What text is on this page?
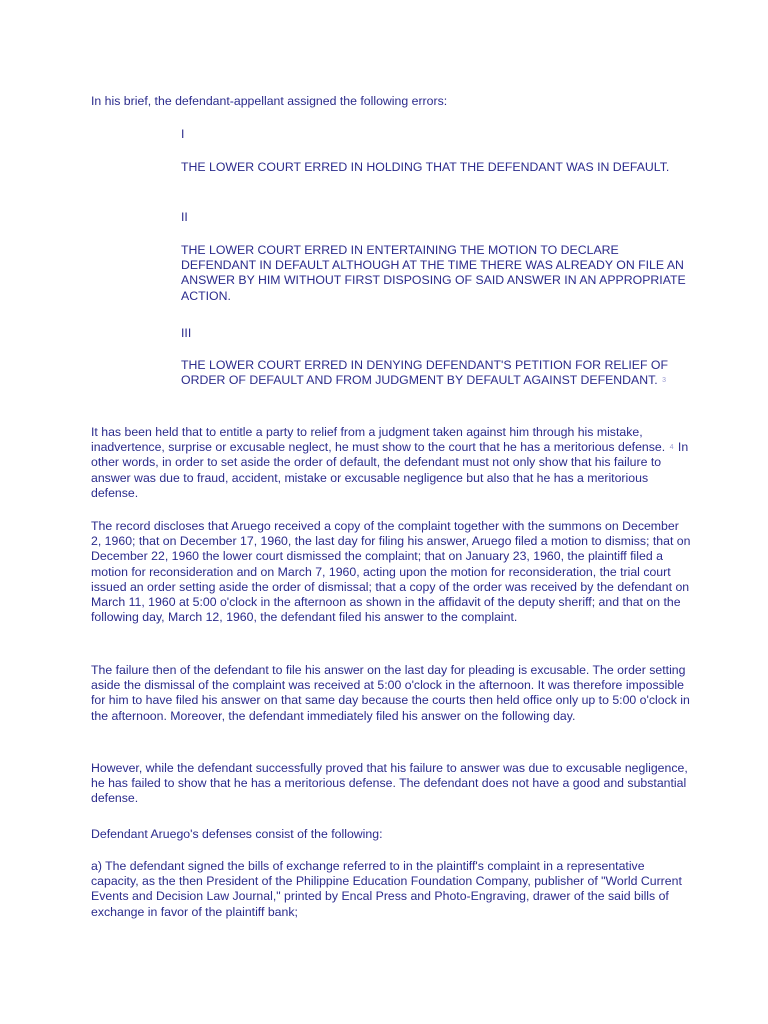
In his brief, the defendant-appellant assigned the following errors:

I

THE LOWER COURT ERRED IN HOLDING THAT THE DEFENDANT WAS IN DEFAULT.

II

THE LOWER COURT ERRED IN ENTERTAINING THE MOTION TO DECLARE DEFENDANT IN DEFAULT ALTHOUGH AT THE TIME THERE WAS ALREADY ON FILE AN ANSWER BY HIM WITHOUT FIRST DISPOSING OF SAID ANSWER IN AN APPROPRIATE ACTION.

III

THE LOWER COURT ERRED IN DENYING DEFENDANT'S PETITION FOR RELIEF OF ORDER OF DEFAULT AND FROM JUDGMENT BY DEFAULT AGAINST DEFENDANT. 3

It has been held that to entitle a party to relief from a judgment taken against him through his mistake, inadvertence, surprise or excusable neglect, he must show to the court that he has a meritorious defense. 4 In other words, in order to set aside the order of default, the defendant must not only show that his failure to answer was due to fraud, accident, mistake or excusable negligence but also that he has a meritorious defense.

The record discloses that Aruego received a copy of the complaint together with the summons on December 2, 1960; that on December 17, 1960, the last day for filing his answer, Aruego filed a motion to dismiss; that on December 22, 1960 the lower court dismissed the complaint; that on January 23, 1960, the plaintiff filed a motion for reconsideration and on March 7, 1960, acting upon the motion for reconsideration, the trial court issued an order setting aside the order of dismissal; that a copy of the order was received by the defendant on March 11, 1960 at 5:00 o'clock in the afternoon as shown in the affidavit of the deputy sheriff; and that on the following day, March 12, 1960, the defendant filed his answer to the complaint.

The failure then of the defendant to file his answer on the last day for pleading is excusable. The order setting aside the dismissal of the complaint was received at 5:00 o'clock in the afternoon. It was therefore impossible for him to have filed his answer on that same day because the courts then held office only up to 5:00 o'clock in the afternoon. Moreover, the defendant immediately filed his answer on the following day.

However, while the defendant successfully proved that his failure to answer was due to excusable negligence, he has failed to show that he has a meritorious defense. The defendant does not have a good and substantial defense.

Defendant Aruego's defenses consist of the following:

a) The defendant signed the bills of exchange referred to in the plaintiff's complaint in a representative capacity, as the then President of the Philippine Education Foundation Company, publisher of "World Current Events and Decision Law Journal," printed by Encal Press and Photo-Engraving, drawer of the said bills of exchange in favor of the plaintiff bank;
